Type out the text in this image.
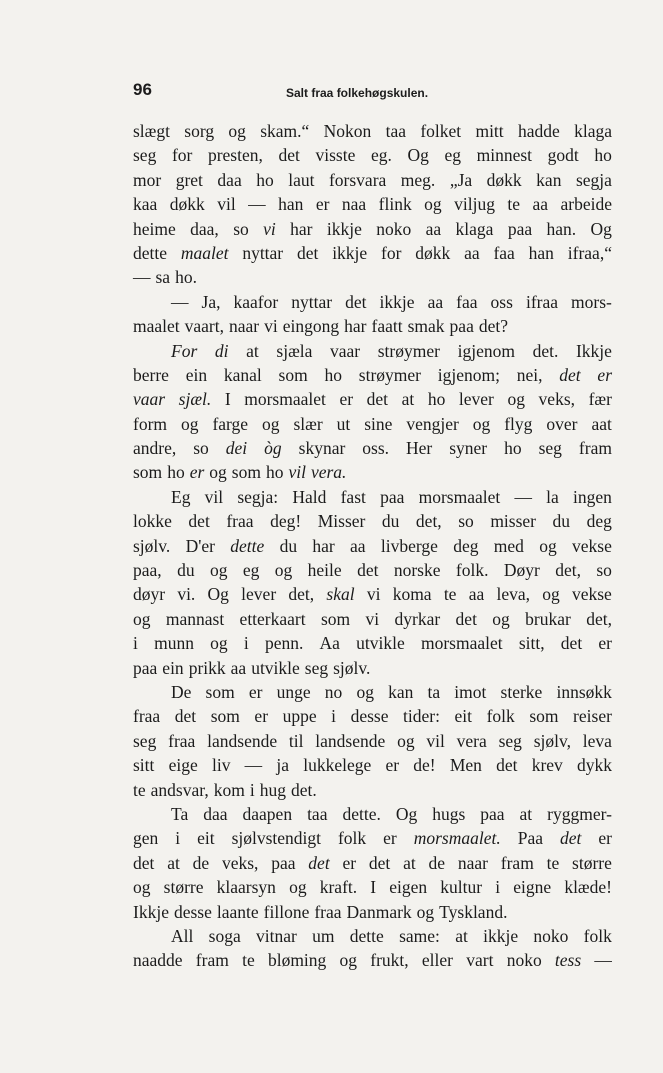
96	Salt fraa folkehøgskulen.
slægt sorg og skam.“ Nokon taa folket mitt hadde klaga
seg for presten, det visste eg. Og eg minnest godt ho
mor gret daa ho laut forsvara meg. „Ja døkk kan segja
kaa døkk vil — han er naa flink og viljug te aa arbeide
heime daa, so vi har ikkje noko aa klaga paa han. Og
dette maalet nyttar det ikkje for døkk aa faa han ifraa,“
— sa ho.
— Ja, kaafor nyttar det ikkje aa faa oss ifraa mors-
maalet vaart, naar vi eingong har faatt smak paa det?
For di at sjæla vaar strøymer igjenom det. Ikkje
berre ein kanal som ho strøymer igjenom; nei, det er
vaar sjæl. I morsmaalet er det at ho lever og veks, fær
form og farge og slær ut sine vengjer og flyg over aat
andre, so dei òg skynar oss. Her syner ho seg fram
som ho er og som ho vil vera.
Eg vil segja: Hald fast paa morsmaalet — la ingen
lokke det fraa deg! Misser du det, so misser du deg
sjølv. D'er dette du har aa livberge deg med og vekse
paa, du og eg og heile det norske folk. Døyr det, so
døyr vi. Og lever det, skal vi koma te aa leva, og vekse
og mannast etterkaart som vi dyrkar det og brukar det,
i munn og i penn. Aa utvikle morsmaalet sitt, det er
paa ein prikk aa utvikle seg sjølv.
De som er unge no og kan ta imot sterke innsøkk
fraa det som er uppe i desse tider: eit folk som reiser
seg fraa landsende til landsende og vil vera seg sjølv, leva
sitt eige liv — ja lukkelege er de! Men det krev dykk
te andsvar, kom i hug det.
Ta daa daapen taa dette. Og hugs paa at ryggmer-
gen i eit sjølvstendigt folk er morsmaalet. Paa det er
det at de veks, paa det er det at de naar fram te større
og større klaarsyn og kraft. I eigen kultur i eigne klæde!
Ikkje desse laante fillone fraa Danmark og Tyskland.
All soga vitnar um dette same: at ikkje noko folk
naadde fram te bløming og frukt, eller vart noko tess —
